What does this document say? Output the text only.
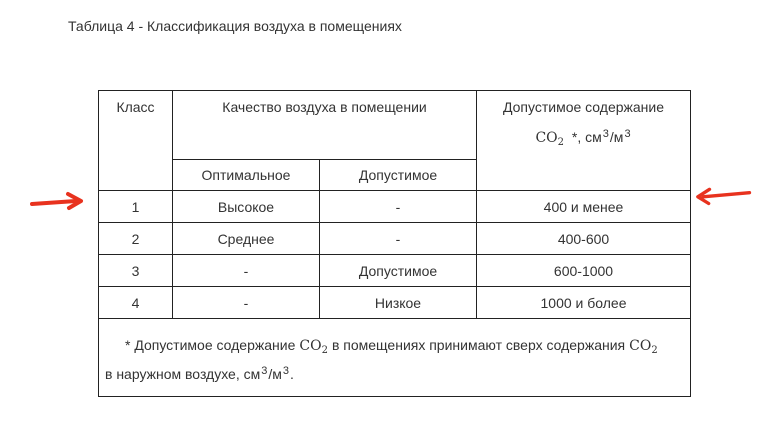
Таблица 4 - Классификация воздуха в помещениях
Класс	Качество воздуха в помещении		Допустимое содержание
$CO_2$ *, $см^3/м^3$

	Оптимальное	Допустимое	
1	Высокое	-	400 и менее
2	Среднее	-	400-600
3	-	Допустимое	600-1000
4	-	Низкое	1000 и более
* Допустимое содержание $CO_2$ в помещениях принимают сверх содержания $CO_2$
в наружном воздухе, $см^3/м^3$.			
